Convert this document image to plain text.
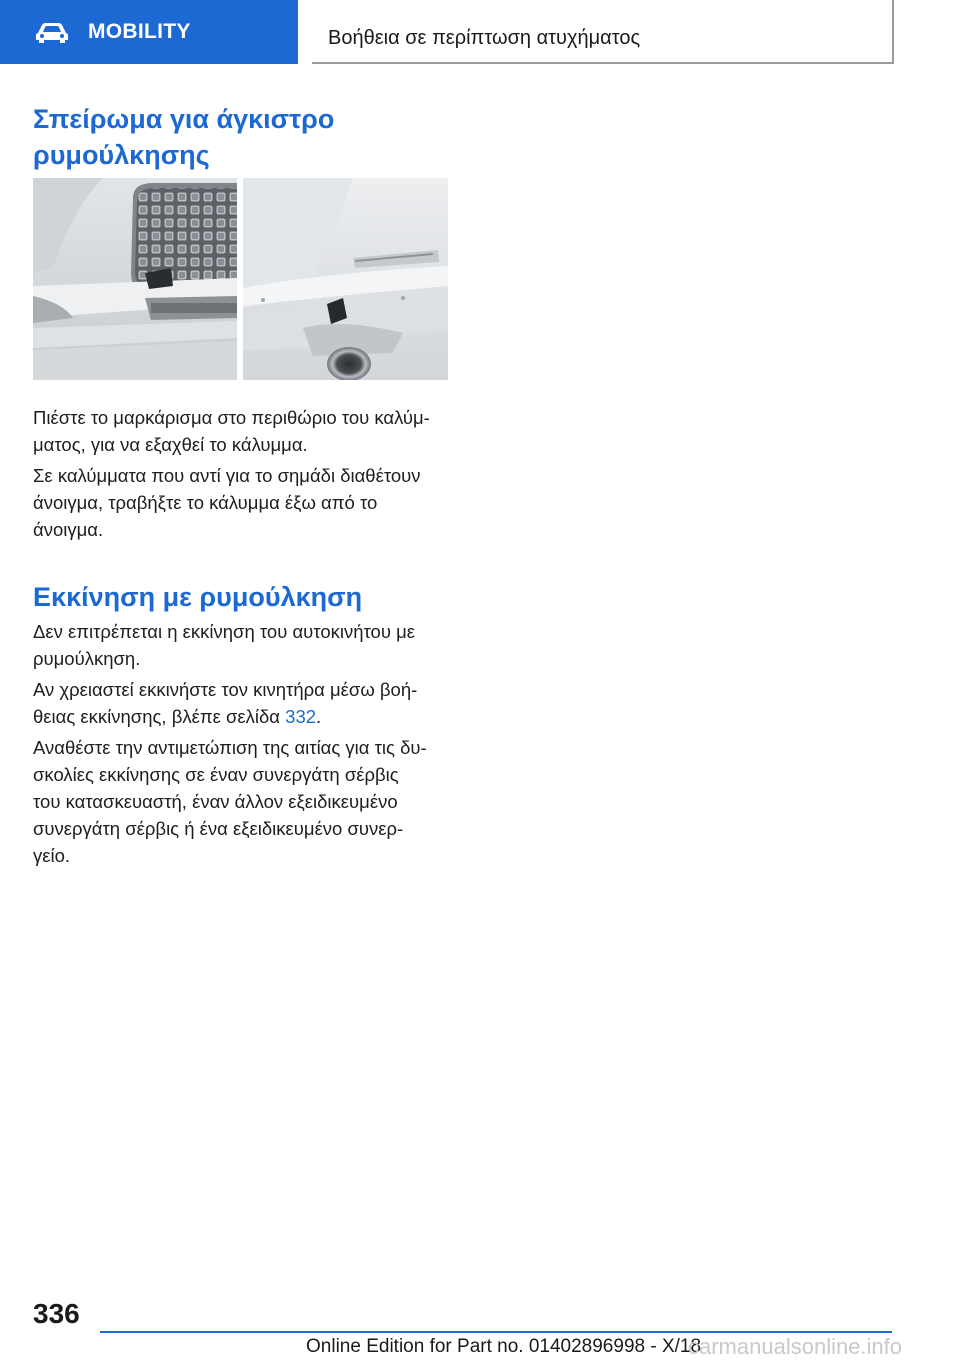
MOBILITY	Βοήθεια σε περίπτωση ατυχήματος
Σπείρωμα για άγκιστρο
ρυμούλκησης

Πιέστε το μαρκάρισμα στο περιθώριο του καλύμ-
ματος, για να εξαχθεί το κάλυμμα.

Σε καλύμματα που αντί για το σημάδι διαθέτουν
άνοιγμα, τραβήξτε το κάλυμμα έξω από το
άνοιγμα.

Εκκίνηση με ρυμούλκηση

Δεν επιτρέπεται η εκκίνηση του αυτοκινήτου με
ρυμούλκηση.

Αν χρειαστεί εκκινήστε τον κινητήρα μέσω βοή-
θειας εκκίνησης, βλέπε σελίδα 332.

Αναθέστε την αντιμετώπιση της αιτίας για τις δυ-
σκολίες εκκίνησης σε έναν συνεργάτη σέρβις
του κατασκευαστή, έναν άλλον εξειδικευμένο
συνεργάτη σέρβις ή ένα εξειδικευμένο συνερ-
γείο.

336
Online Edition for Part no. 01402896998 - X/18
carmanualsonline.info
